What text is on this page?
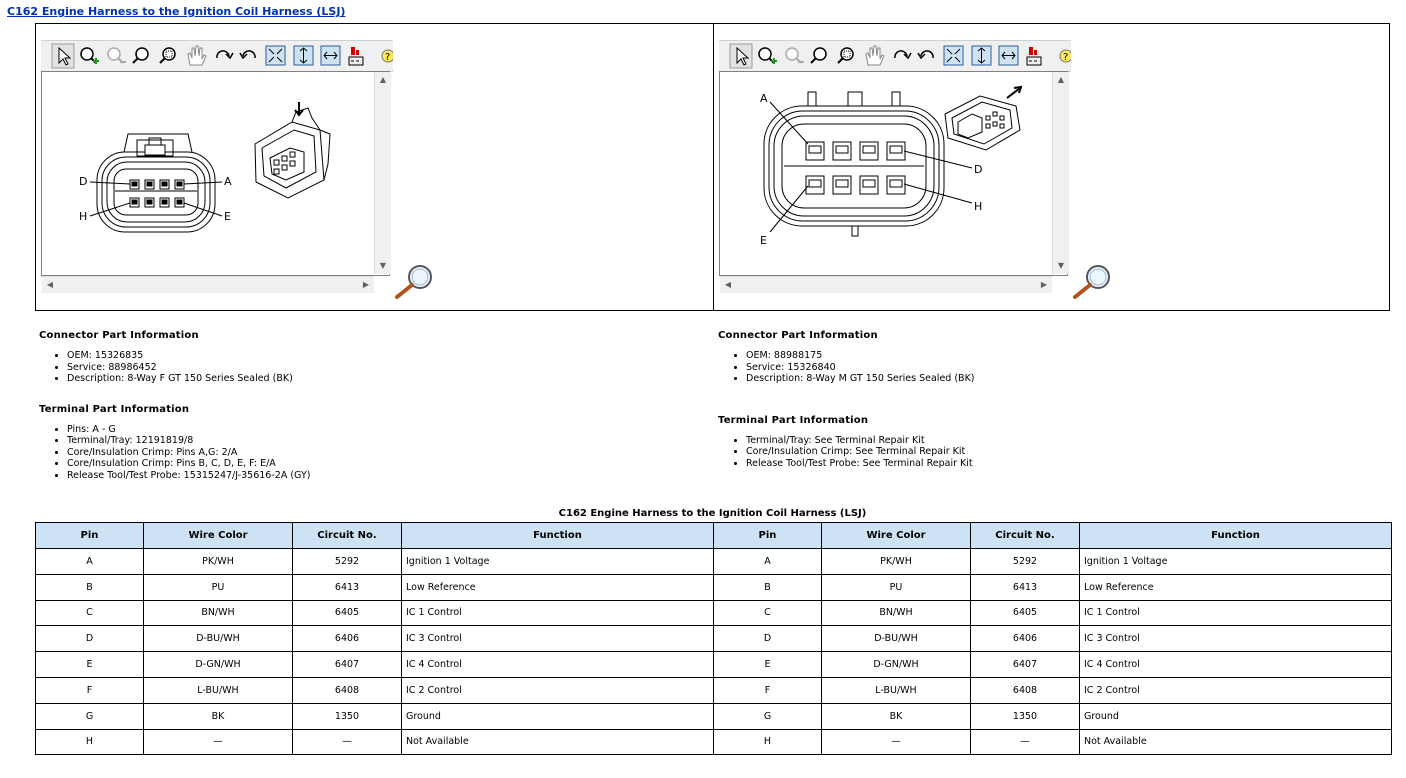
C162 Engine Harness to the Ignition Coil Harness (LSJ)
?
D	A
H	E
▲
▼
◀	▶
?
A
D
H
E
▲
▼
◀	▶
Connector Part Information
• OEM: 15326835
• Service: 88986452
• Description: 8-Way F GT 150 Series Sealed (BK)
Terminal Part Information
• Pins: A - G
• Terminal/Tray: 12191819/8
• Core/Insulation Crimp: Pins A,G: 2/A
• Core/Insulation Crimp: Pins B, C, D, E, F: E/A
• Release Tool/Test Probe: 15315247/J-35616-2A (GY)
Connector Part Information
• OEM: 88988175
• Service: 15326840
• Description: 8-Way M GT 150 Series Sealed (BK)
Terminal Part Information
• Terminal/Tray: See Terminal Repair Kit
• Core/Insulation Crimp: See Terminal Repair Kit
• Release Tool/Test Probe: See Terminal Repair Kit
C162 Engine Harness to the Ignition Coil Harness (LSJ)
Pin	Wire Color	Circuit No.	Function	Pin	Wire Color	Circuit No.	Function
A	PK/WH	5292	Ignition 1 Voltage	A	PK/WH	5292	Ignition 1 Voltage
B	PU	6413	Low Reference	B	PU	6413	Low Reference
C	BN/WH	6405	IC 1 Control	C	BN/WH	6405	IC 1 Control
D	D-BU/WH	6406	IC 3 Control	D	D-BU/WH	6406	IC 3 Control
E	D-GN/WH	6407	IC 4 Control	E	D-GN/WH	6407	IC 4 Control
F	L-BU/WH	6408	IC 2 Control	F	L-BU/WH	6408	IC 2 Control
G	BK	1350	Ground	G	BK	1350	Ground
H	—	—	Not Available	H	—	—	Not Available
